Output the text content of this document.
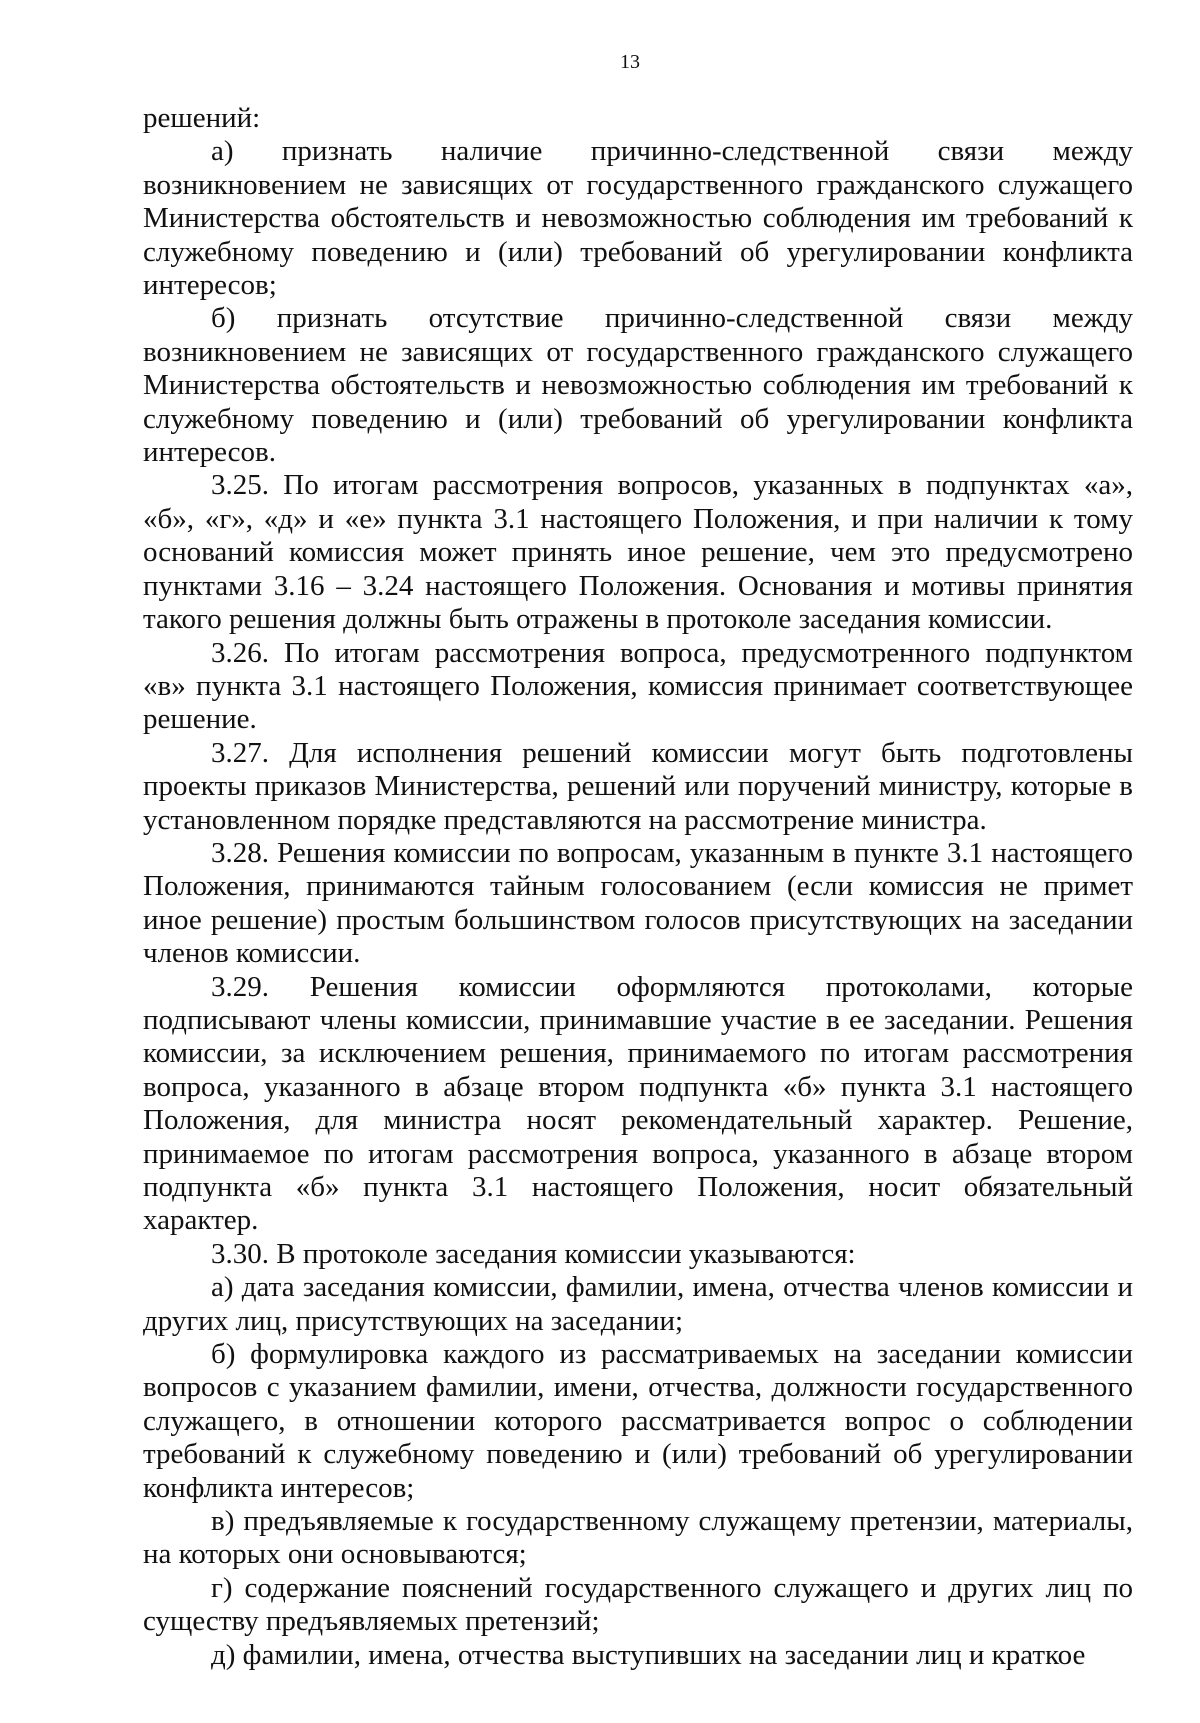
13

решений:

а) признать наличие причинно-следственной связи между возникновением не зависящих от государственного гражданского служащего Министерства обстоятельств и невозможностью соблюдения им требований к служебному поведению и (или) требований об урегулировании конфликта интересов;

б) признать отсутствие причинно-следственной связи между возникновением не зависящих от государственного гражданского служащего Министерства обстоятельств и невозможностью соблюдения им требований к служебному поведению и (или) требований об урегулировании конфликта интересов.

3.25. По итогам рассмотрения вопросов, указанных в подпунктах «а», «б», «г», «д» и «е» пункта 3.1 настоящего Положения, и при наличии к тому оснований комиссия может принять иное решение, чем это предусмотрено пунктами 3.16 – 3.24 настоящего Положения. Основания и мотивы принятия такого решения должны быть отражены в протоколе заседания комиссии.

3.26. По итогам рассмотрения вопроса, предусмотренного подпунктом «в» пункта 3.1 настоящего Положения, комиссия принимает соответствующее решение.

3.27. Для исполнения решений комиссии могут быть подготовлены проекты приказов Министерства, решений или поручений министру, которые в установленном порядке представляются на рассмотрение министра.

3.28. Решения комиссии по вопросам, указанным в пункте 3.1 настоящего Положения, принимаются тайным голосованием (если комиссия не примет иное решение) простым большинством голосов присутствующих на заседании членов комиссии.

3.29. Решения комиссии оформляются протоколами, которые подписывают члены комиссии, принимавшие участие в ее заседании. Решения комиссии, за исключением решения, принимаемого по итогам рассмотрения вопроса, указанного в абзаце втором подпункта «б» пункта 3.1 настоящего Положения, для министра носят рекомендательный характер. Решение, принимаемое по итогам рассмотрения вопроса, указанного в абзаце втором подпункта «б» пункта 3.1 настоящего Положения, носит обязательный характер.

3.30. В протоколе заседания комиссии указываются:

а) дата заседания комиссии, фамилии, имена, отчества членов комиссии и других лиц, присутствующих на заседании;

б) формулировка каждого из рассматриваемых на заседании комиссии вопросов с указанием фамилии, имени, отчества, должности государственного служащего, в отношении которого рассматривается вопрос о соблюдении требований к служебному поведению и (или) требований об урегулировании конфликта интересов;

в) предъявляемые к государственному служащему претензии, материалы, на которых они основываются;

г) содержание пояснений государственного служащего и других лиц по существу предъявляемых претензий;

д) фамилии, имена, отчества выступивших на заседании лиц и краткое
